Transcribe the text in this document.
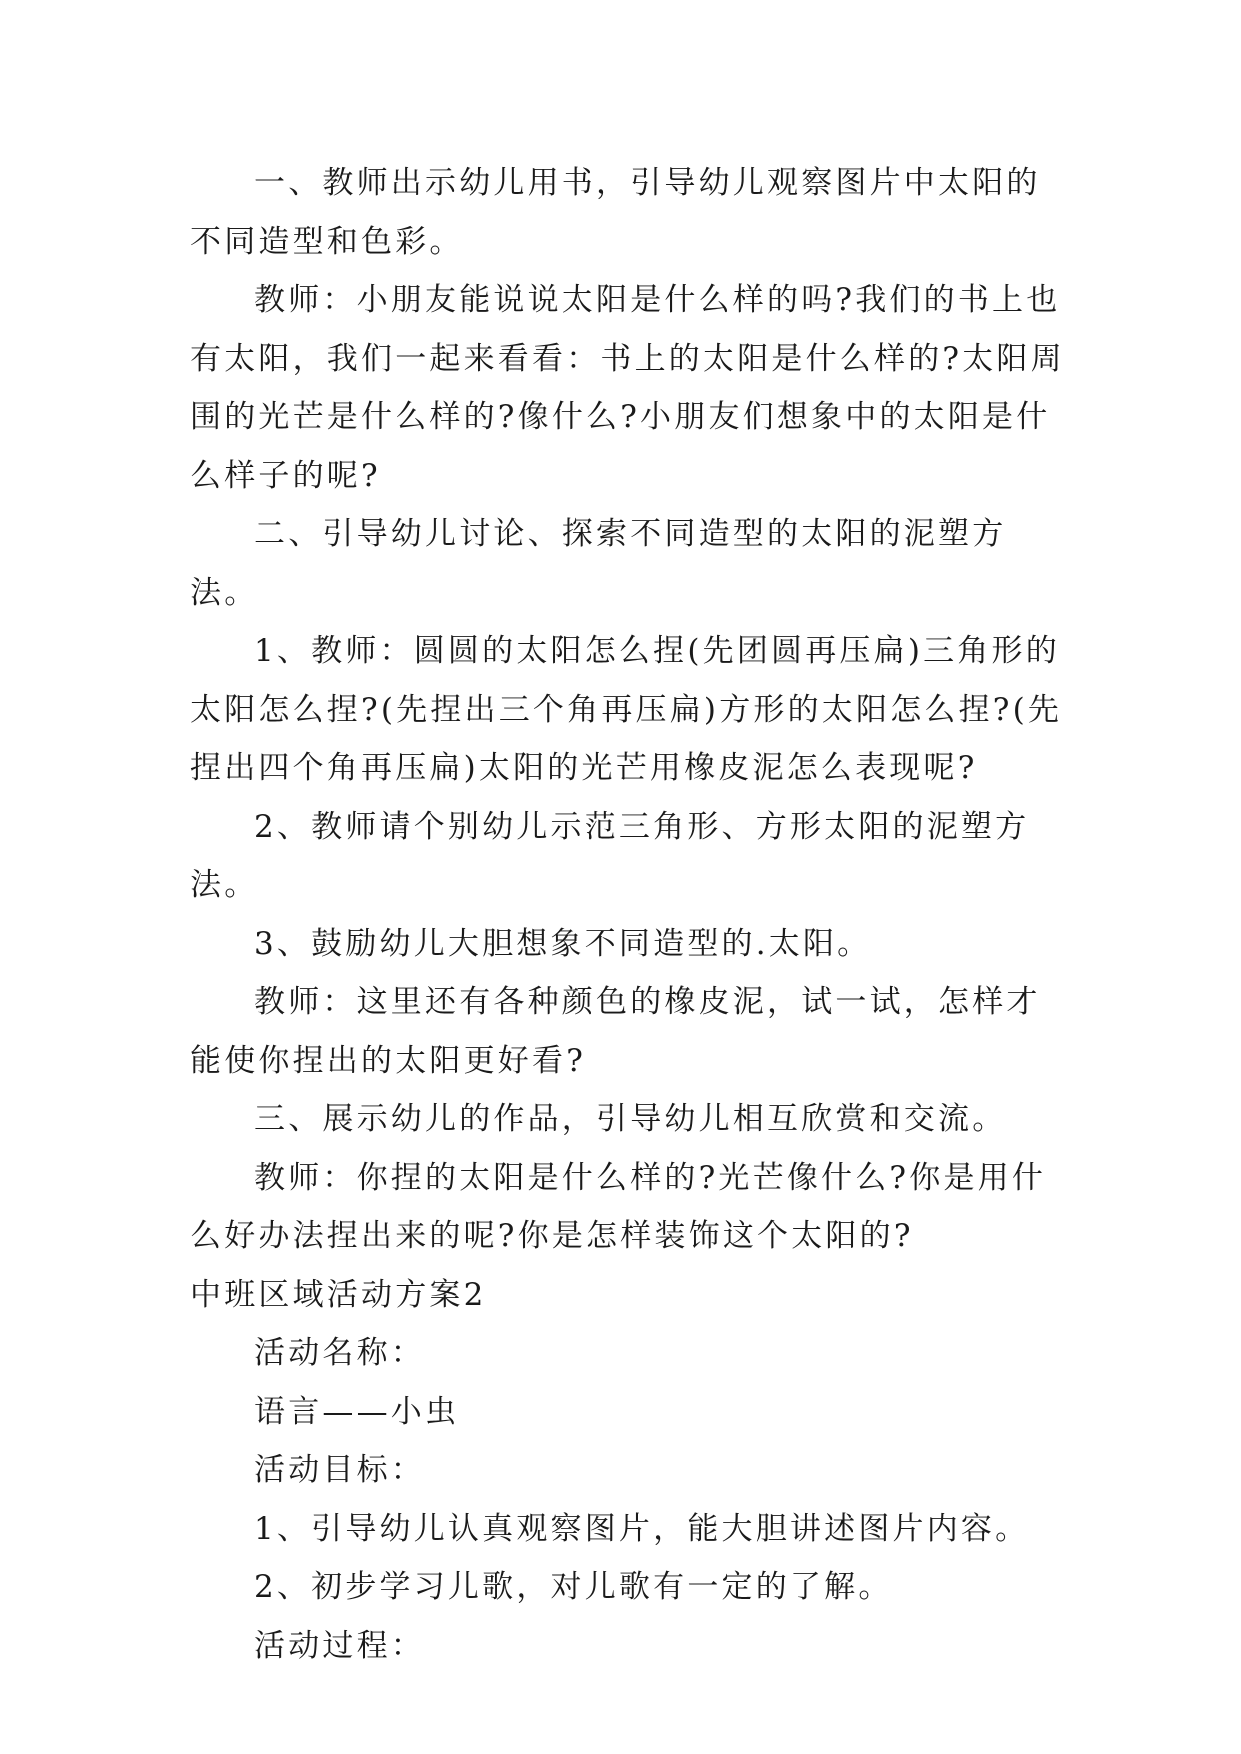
一、教师出示幼儿用书，引导幼儿观察图片中太阳的不同造型和色彩。

教师：小朋友能说说太阳是什么样的吗?我们的书上也有太阳，我们一起来看看：书上的太阳是什么样的?太阳周围的光芒是什么样的?像什么?小朋友们想象中的太阳是什么样子的呢?

二、引导幼儿讨论、探索不同造型的太阳的泥塑方法。

1、教师：圆圆的太阳怎么捏(先团圆再压扁)三角形的太阳怎么捏?(先捏出三个角再压扁)方形的太阳怎么捏?(先捏出四个角再压扁)太阳的光芒用橡皮泥怎么表现呢?

2、教师请个别幼儿示范三角形、方形太阳的泥塑方法。

3、鼓励幼儿大胆想象不同造型的.太阳。

教师：这里还有各种颜色的橡皮泥，试一试，怎样才能使你捏出的太阳更好看?

三、展示幼儿的作品，引导幼儿相互欣赏和交流。

教师：你捏的太阳是什么样的?光芒像什么?你是用什么好办法捏出来的呢?你是怎样装饰这个太阳的?

中班区域活动方案2

活动名称：

语言——小虫

活动目标：

1、引导幼儿认真观察图片，能大胆讲述图片内容。

2、初步学习儿歌，对儿歌有一定的了解。

活动过程：
